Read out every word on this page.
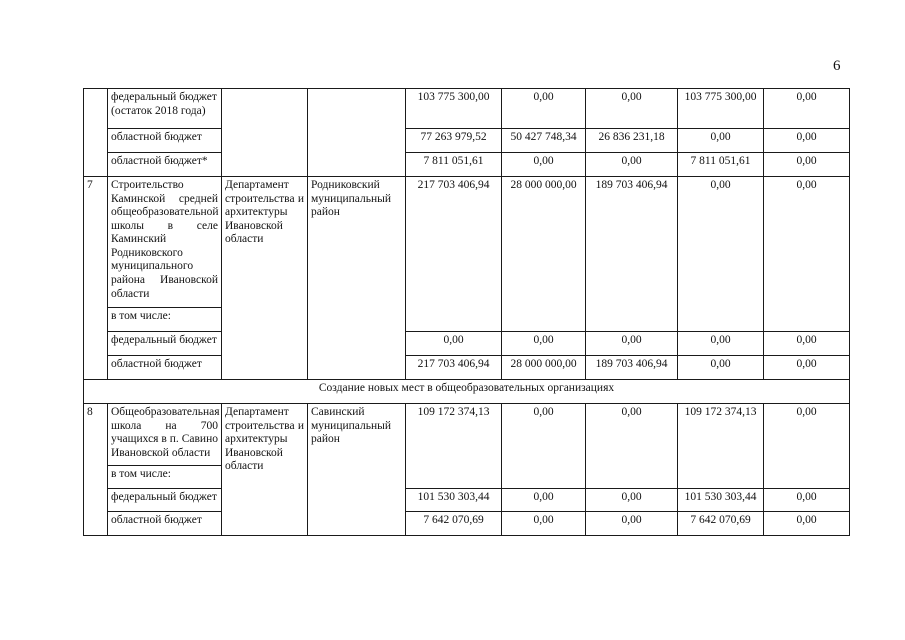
6
	федеральный бюджет (остаток 2018 года)			103 775 300,00	0,00	0,00	103 775 300,00	0,00
	областной бюджет			77 263 979,52	50 427 748,34	26 836 231,18	0,00	0,00
	областной бюджет*			7 811 051,61	0,00	0,00	7 811 051,61	0,00
7	Строительство Каминской средней общеобразовательной школы в селе Каминский Родниковского муниципального района Ивановской области	Департамент строительства и архитектуры Ивановской области	Родниковский муниципальный район	217 703 406,94	28 000 000,00	189 703 406,94	0,00	0,00
	в том числе:							
	федеральный бюджет			0,00	0,00	0,00	0,00	0,00
	областной бюджет			217 703 406,94	28 000 000,00	189 703 406,94	0,00	0,00
Создание новых мест в общеобразовательных организациях								
8	Общеобразовательная школа на 700 учащихся в п. Савино Ивановской области	Департамент строительства и архитектуры Ивановской области	Савинский муниципальный район	109 172 374,13	0,00	0,00	109 172 374,13	0,00
	в том числе:							
	федеральный бюджет			101 530 303,44	0,00	0,00	101 530 303,44	0,00
	областной бюджет			7 642 070,69	0,00	0,00	7 642 070,69	0,00
